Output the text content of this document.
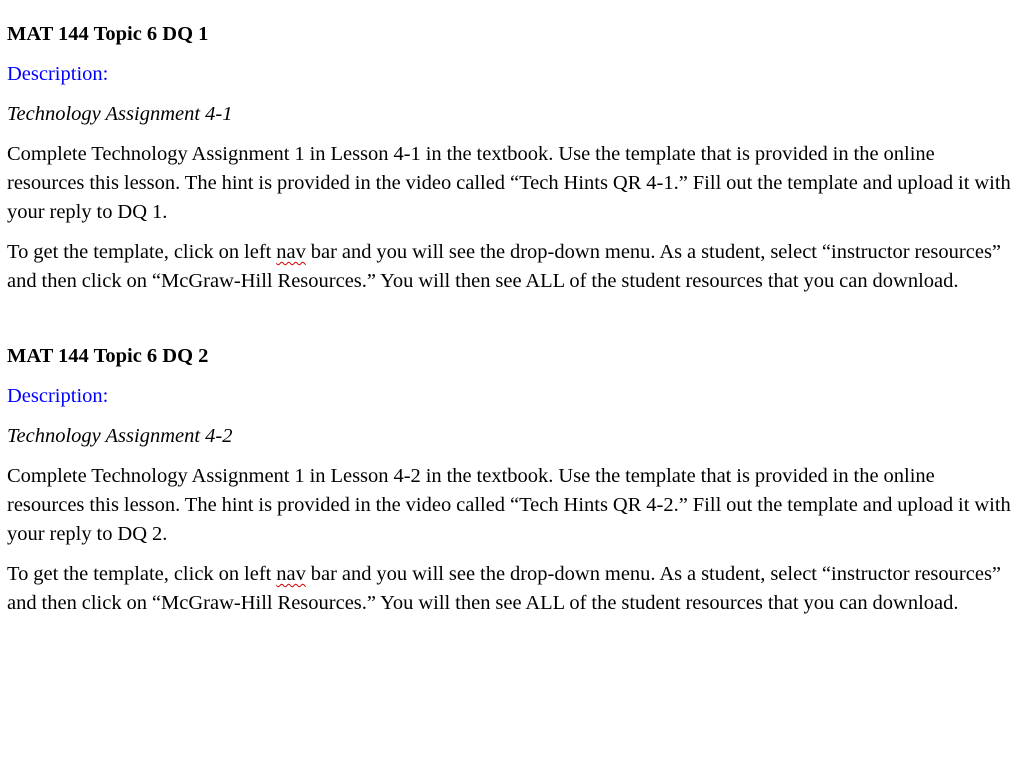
MAT 144 Topic 6 DQ 1

Description:

Technology Assignment 4-1

Complete Technology Assignment 1 in Lesson 4-1 in the textbook. Use the template that is provided in the online resources this lesson. The hint is provided in the video called “Tech Hints QR 4-1.” Fill out the template and upload it with your reply to DQ 1.

To get the template, click on left nav bar and you will see the drop-down menu. As a student, select “instructor resources” and then click on “McGraw-Hill Resources.” You will then see ALL of the student resources that you can download.

MAT 144 Topic 6 DQ 2

Description:

Technology Assignment 4-2

Complete Technology Assignment 1 in Lesson 4-2 in the textbook. Use the template that is provided in the online resources this lesson. The hint is provided in the video called “Tech Hints QR 4-2.” Fill out the template and upload it with your reply to DQ 2.

To get the template, click on left nav bar and you will see the drop-down menu. As a student, select “instructor resources” and then click on “McGraw-Hill Resources.” You will then see ALL of the student resources that you can download.
